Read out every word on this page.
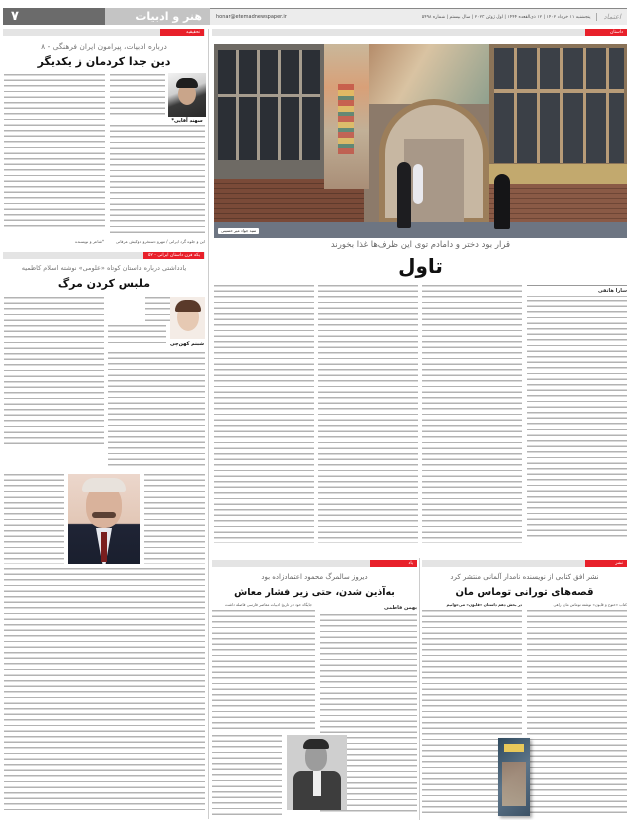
۷	هنر و ادبیات	honar@etemadnewspaper.ir	پنجشنبه ۱۱ خرداد ۱۴۰۲ | ۱۲ ذی‌القعده ۱۴۴۴ | اول ژوئن ۲۰۲۳ | سال بیستم | شماره ۵۴۹۸	اعتماد
نحقیقیه	داستان
درباره ادبیات، پیرامون ایران فرهنگی - ۸
دین جدا کردمان ز یکدیگر
سهند آقایی*
ابن و جلوه گرد ایرانی / مهرو دستخرو دوکیش عرفانی
*شاعر و نویسنده
یکه فرن داستان ایرانی - ۵۲
یادداشتی درباره داستان کوتاه «علومی» نوشته اسلام کاظمیه
ملبس کردن مرگ
شبنم کهن‌چی
سید جواد میر حسینی
قرار بود دختر و دامادم توی این ظرف‌ها غذا بخورند
تاول
سارا هاتفی
یاد
دیروز سالمرگ محمود اعتمادزاده بود
به‌آذین شدن، حتی زیر فشار معاش
جایگاه خود در تاریخ ادبیات معاصر فارسی فاصله داشت
بهمن فاطمی
نشر
نشر افق کتابی از نویسنده نامدار آلمانی منتشر کرد
قصه‌های تورانی توماس مان
کتاب «خنوح و قابون» نوشته توماس مان راهی
در بخش دهم داستان «قابون» می‌خوانیم
